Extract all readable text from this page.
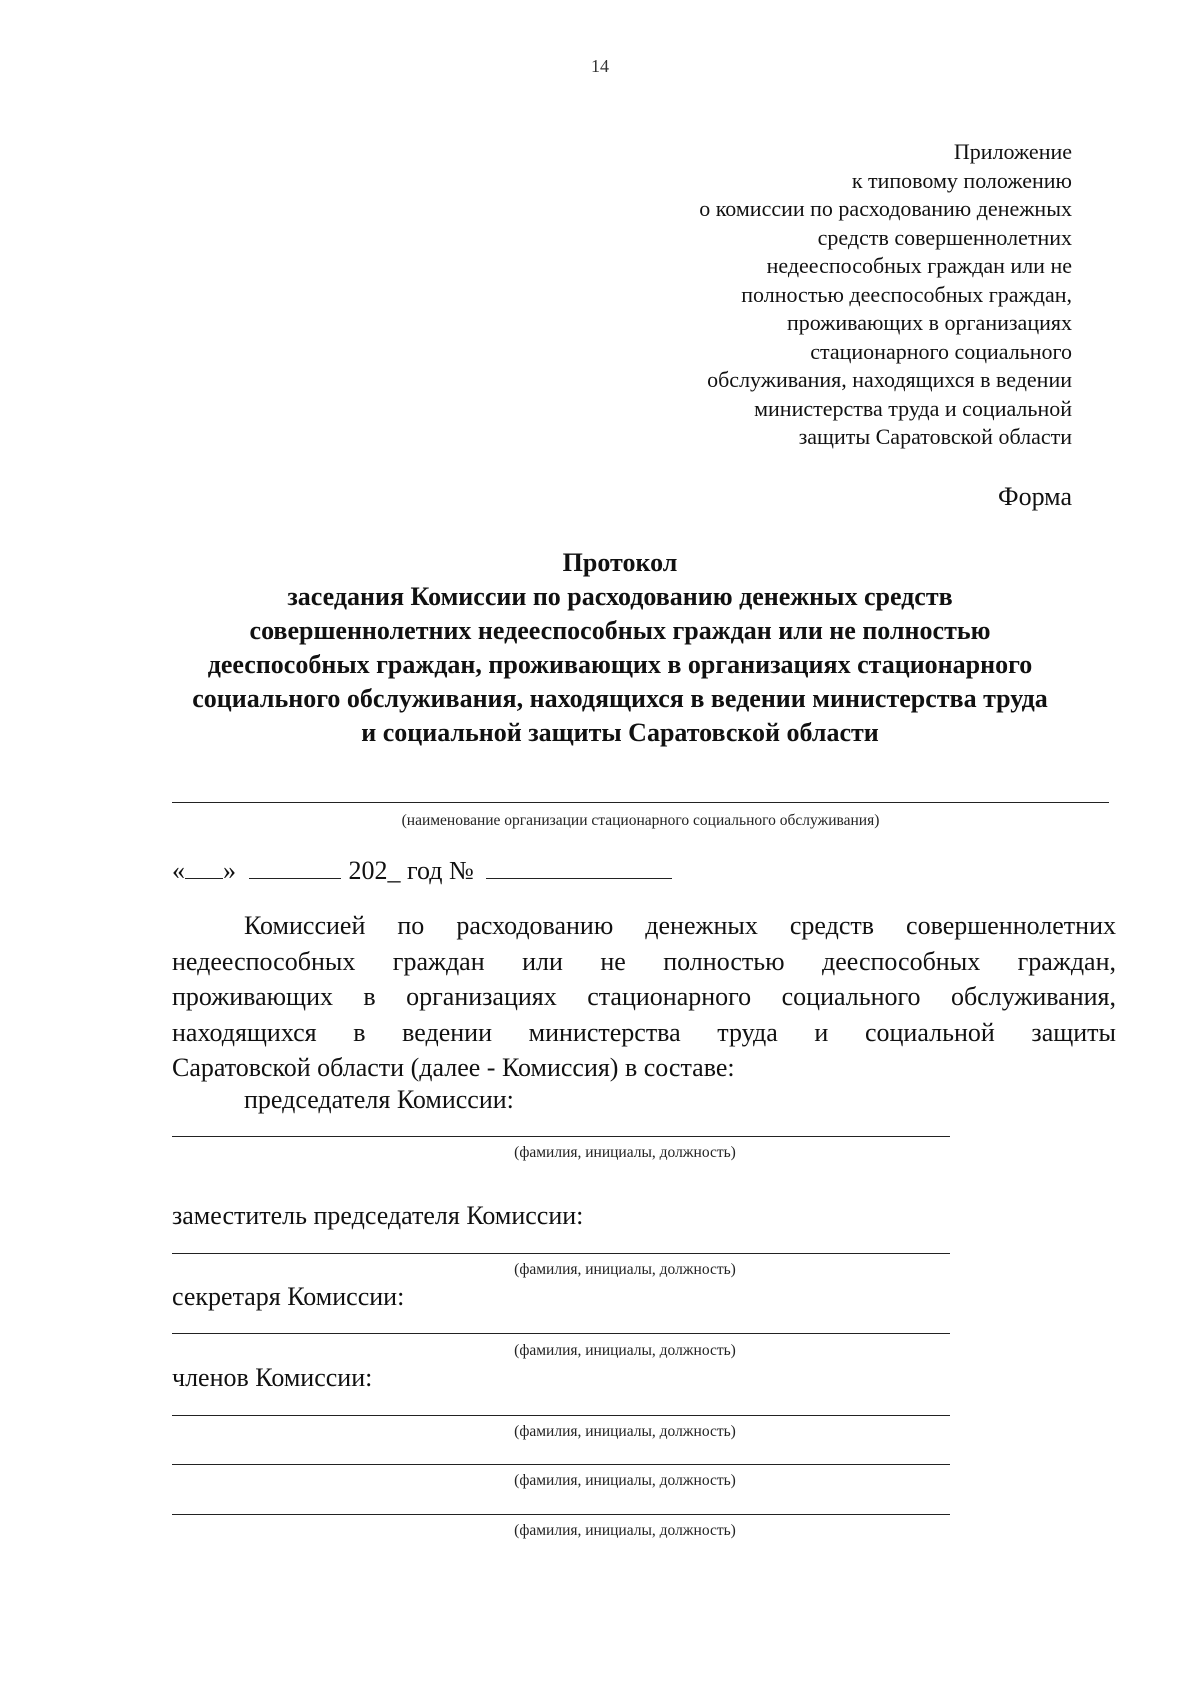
14
Приложение
к типовому положению
о комиссии по расходованию денежных
средств совершеннолетних
недееспособных граждан или не
полностью дееспособных граждан,
проживающих в организациях
стационарного социального
обслуживания, находящихся в ведении
министерства труда и социальной
защиты Саратовской области
Форма
Протокол
заседания Комиссии по расходованию денежных средств
совершеннолетних недееспособных граждан или не полностью
дееспособных граждан, проживающих в организациях стационарного
социального обслуживания, находящихся в ведении министерства труда
и социальной защиты Саратовской области
(наименование организации стационарного социального обслуживания)
« »	202_ год №
Комиссией по расходованию денежных средств совершеннолетних
недееспособных граждан или не полностью дееспособных граждан,
проживающих в организациях стационарного социального обслуживания,
находящихся в ведении министерства труда и социальной защиты
Саратовской области (далее - Комиссия) в составе:
председателя Комиссии:
(фамилия, инициалы, должность)
заместитель председателя Комиссии:
(фамилия, инициалы, должность)
секретаря Комиссии:
(фамилия, инициалы, должность)
членов Комиссии:
(фамилия, инициалы, должность)
(фамилия, инициалы, должность)
(фамилия, инициалы, должность)
